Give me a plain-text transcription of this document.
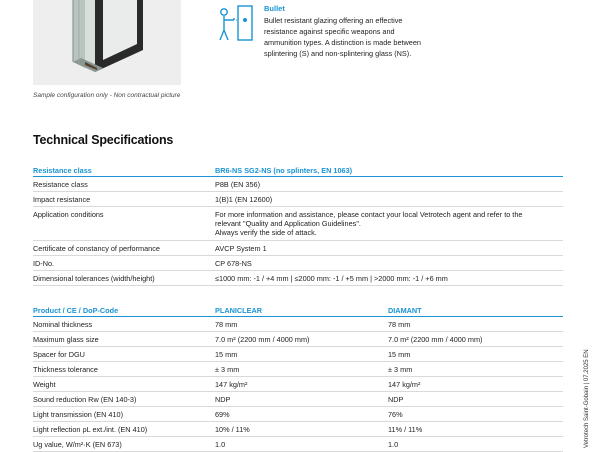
Sample configuration only - Non contractual picture
Bullet
Bullet resistant glazing offering an effective
resistance against specific weapons and
ammunition types. A distinction is made between
splintering (S) and non-splintering glass (NS).
Technical Specifications
Resistance class	BR6-NS SG2-NS (no splinters, EN 1063)
Resistance class	P8B (EN 356)
Impact resistance	1(B)1 (EN 12600)
Application conditions	For more information and assistance, please contact your local Vetrotech agent and refer to the
relevant "Quality and Application Guidelines".
Always verify the side of attack.
Certificate of constancy of performance	AVCP System 1
ID-No.	CP 678-NS
Dimensional tolerances (width/height)	≤1000 mm: -1 / +4 mm | ≤2000 mm: -1 / +5 mm | >2000 mm: -1 / +6 mm
Product / CE / DoP-Code	PLANICLEAR	DIAMANT
Nominal thickness	78 mm	78 mm
Maximum glass size	7.0 m² (2200 mm / 4000 mm)	7.0 m² (2200 mm / 4000 mm)
Spacer for DGU	15 mm	15 mm
Thickness tolerance	± 3 mm	± 3 mm
Weight	147 kg/m²	147 kg/m²
Sound reduction Rw (EN 140-3)	NDP	NDP
Light transmission (EN 410)	69%	76%
Light reflection ρL ext./int. (EN 410)	10% / 11%	11% / 11%
Ug value, W/m²·K (EN 673)	1.0	1.0	Vetrotech Saint-Gobain | 07.2025 EN
